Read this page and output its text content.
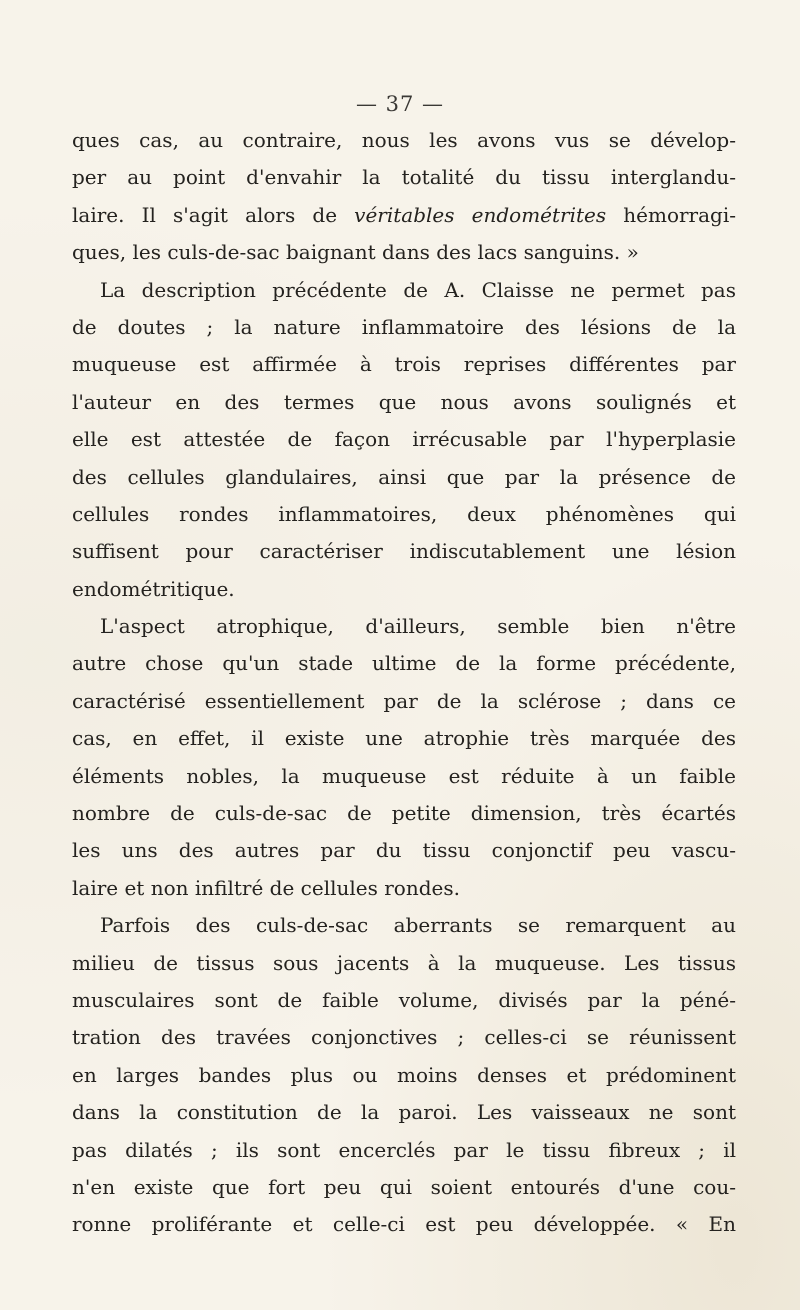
— 37 —
ques cas, au contraire, nous les avons vus se dévelop-
per au point d'envahir la totalité du tissu interglandu-
laire. Il s'agit alors de véritables endométrites hémorragi-
ques, les culs-de-sac baignant dans des lacs sanguins. »
La description précédente de A. Claisse ne permet pas
de doutes ; la nature inflammatoire des lésions de la
muqueuse est affirmée à trois reprises différentes par
l'auteur en des termes que nous avons soulignés et
elle est attestée de façon irrécusable par l'hyperplasie
des cellules glandulaires, ainsi que par la présence de
cellules rondes inflammatoires, deux phénomènes qui
suffisent pour caractériser indiscutablement une lésion
endométritique.
L'aspect atrophique, d'ailleurs, semble bien n'être
autre chose qu'un stade ultime de la forme précédente,
caractérisé essentiellement par de la sclérose ; dans ce
cas, en effet, il existe une atrophie très marquée des
éléments nobles, la muqueuse est réduite à un faible
nombre de culs-de-sac de petite dimension, très écartés
les uns des autres par du tissu conjonctif peu vascu-
laire et non infiltré de cellules rondes.
Parfois des culs-de-sac aberrants se remarquent au
milieu de tissus sous jacents à la muqueuse. Les tissus
musculaires sont de faible volume, divisés par la péné-
tration des travées conjonctives ; celles-ci se réunissent
en larges bandes plus ou moins denses et prédominent
dans la constitution de la paroi. Les vaisseaux ne sont
pas dilatés ; ils sont encerclés par le tissu fibreux ; il
n'en existe que fort peu qui soient entourés d'une cou-
ronne proliférante et celle-ci est peu développée. « En
